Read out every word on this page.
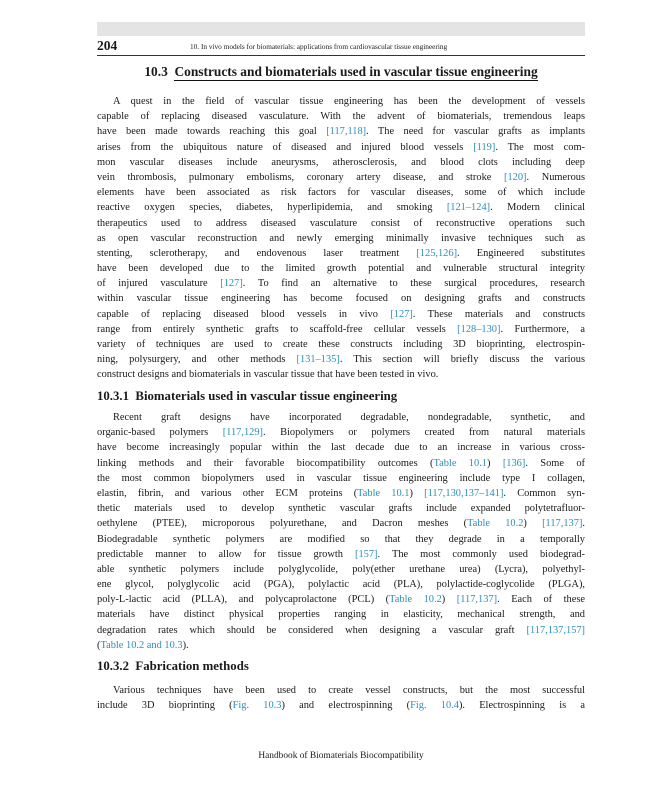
204	10. In vivo models for biomaterials: applications from cardiovascular tissue engineering
10.3 Constructs and biomaterials used in vascular tissue engineering
A quest in the field of vascular tissue engineering has been the development of vessels
capable of replacing diseased vasculature. With the advent of biomaterials, tremendous leaps
have been made towards reaching this goal [117,118]. The need for vascular grafts as implants
arises from the ubiquitous nature of diseased and injured blood vessels [119]. The most com-
mon vascular diseases include aneurysms, atherosclerosis, and blood clots including deep
vein thrombosis, pulmonary embolisms, coronary artery disease, and stroke [120]. Numerous
elements have been associated as risk factors for vascular diseases, some of which include
reactive oxygen species, diabetes, hyperlipidemia, and smoking [121–124]. Modern clinical
therapeutics used to address diseased vasculature consist of reconstructive operations such
as open vascular reconstruction and newly emerging minimally invasive techniques such as
stenting, sclerotherapy, and endovenous laser treatment [125,126]. Engineered substitutes
have been developed due to the limited growth potential and vulnerable structural integrity
of injured vasculature [127]. To find an alternative to these surgical procedures, research
within vascular tissue engineering has become focused on designing grafts and constructs
capable of replacing diseased blood vessels in vivo [127]. These materials and constructs
range from entirely synthetic grafts to scaffold-free cellular vessels [128–130]. Furthermore, a
variety of techniques are used to create these constructs including 3D bioprinting, electrospin-
ning, polysurgery, and other methods [131–135]. This section will briefly discuss the various
construct designs and biomaterials in vascular tissue that have been tested in vivo.
10.3.1 Biomaterials used in vascular tissue engineering
Recent graft designs have incorporated degradable, nondegradable, synthetic, and
organic-based polymers [117,129]. Biopolymers or polymers created from natural materials
have become increasingly popular within the last decade due to an increase in various cross-
linking methods and their favorable biocompatibility outcomes (Table 10.1) [136]. Some of
the most common biopolymers used in vascular tissue engineering include type I collagen,
elastin, fibrin, and various other ECM proteins (Table 10.1) [117,130,137–141]. Common syn-
thetic materials used to develop synthetic vascular grafts include expanded polytetrafluor-
oethylene (PTEE), microporous polyurethane, and Dacron meshes (Table 10.2) [117,137].
Biodegradable synthetic polymers are modified so that they degrade in a temporally
predictable manner to allow for tissue growth [157]. The most commonly used biodegrad-
able synthetic polymers include polyglycolide, poly(ether urethane urea) (Lycra), polyethyl-
ene glycol, polyglycolic acid (PGA), polylactic acid (PLA), polylactide-coglycolide (PLGA),
poly-L-lactic acid (PLLA), and polycaprolactone (PCL) (Table 10.2) [117,137]. Each of these
materials have distinct physical properties ranging in elasticity, mechanical strength, and
degradation rates which should be considered when designing a vascular graft [117,137,157]
(Table 10.2 and 10.3).
10.3.2 Fabrication methods
Various techniques have been used to create vessel constructs, but the most successful
include 3D bioprinting (Fig. 10.3) and electrospinning (Fig. 10.4). Electrospinning is a
Handbook of Biomaterials Biocompatibility
